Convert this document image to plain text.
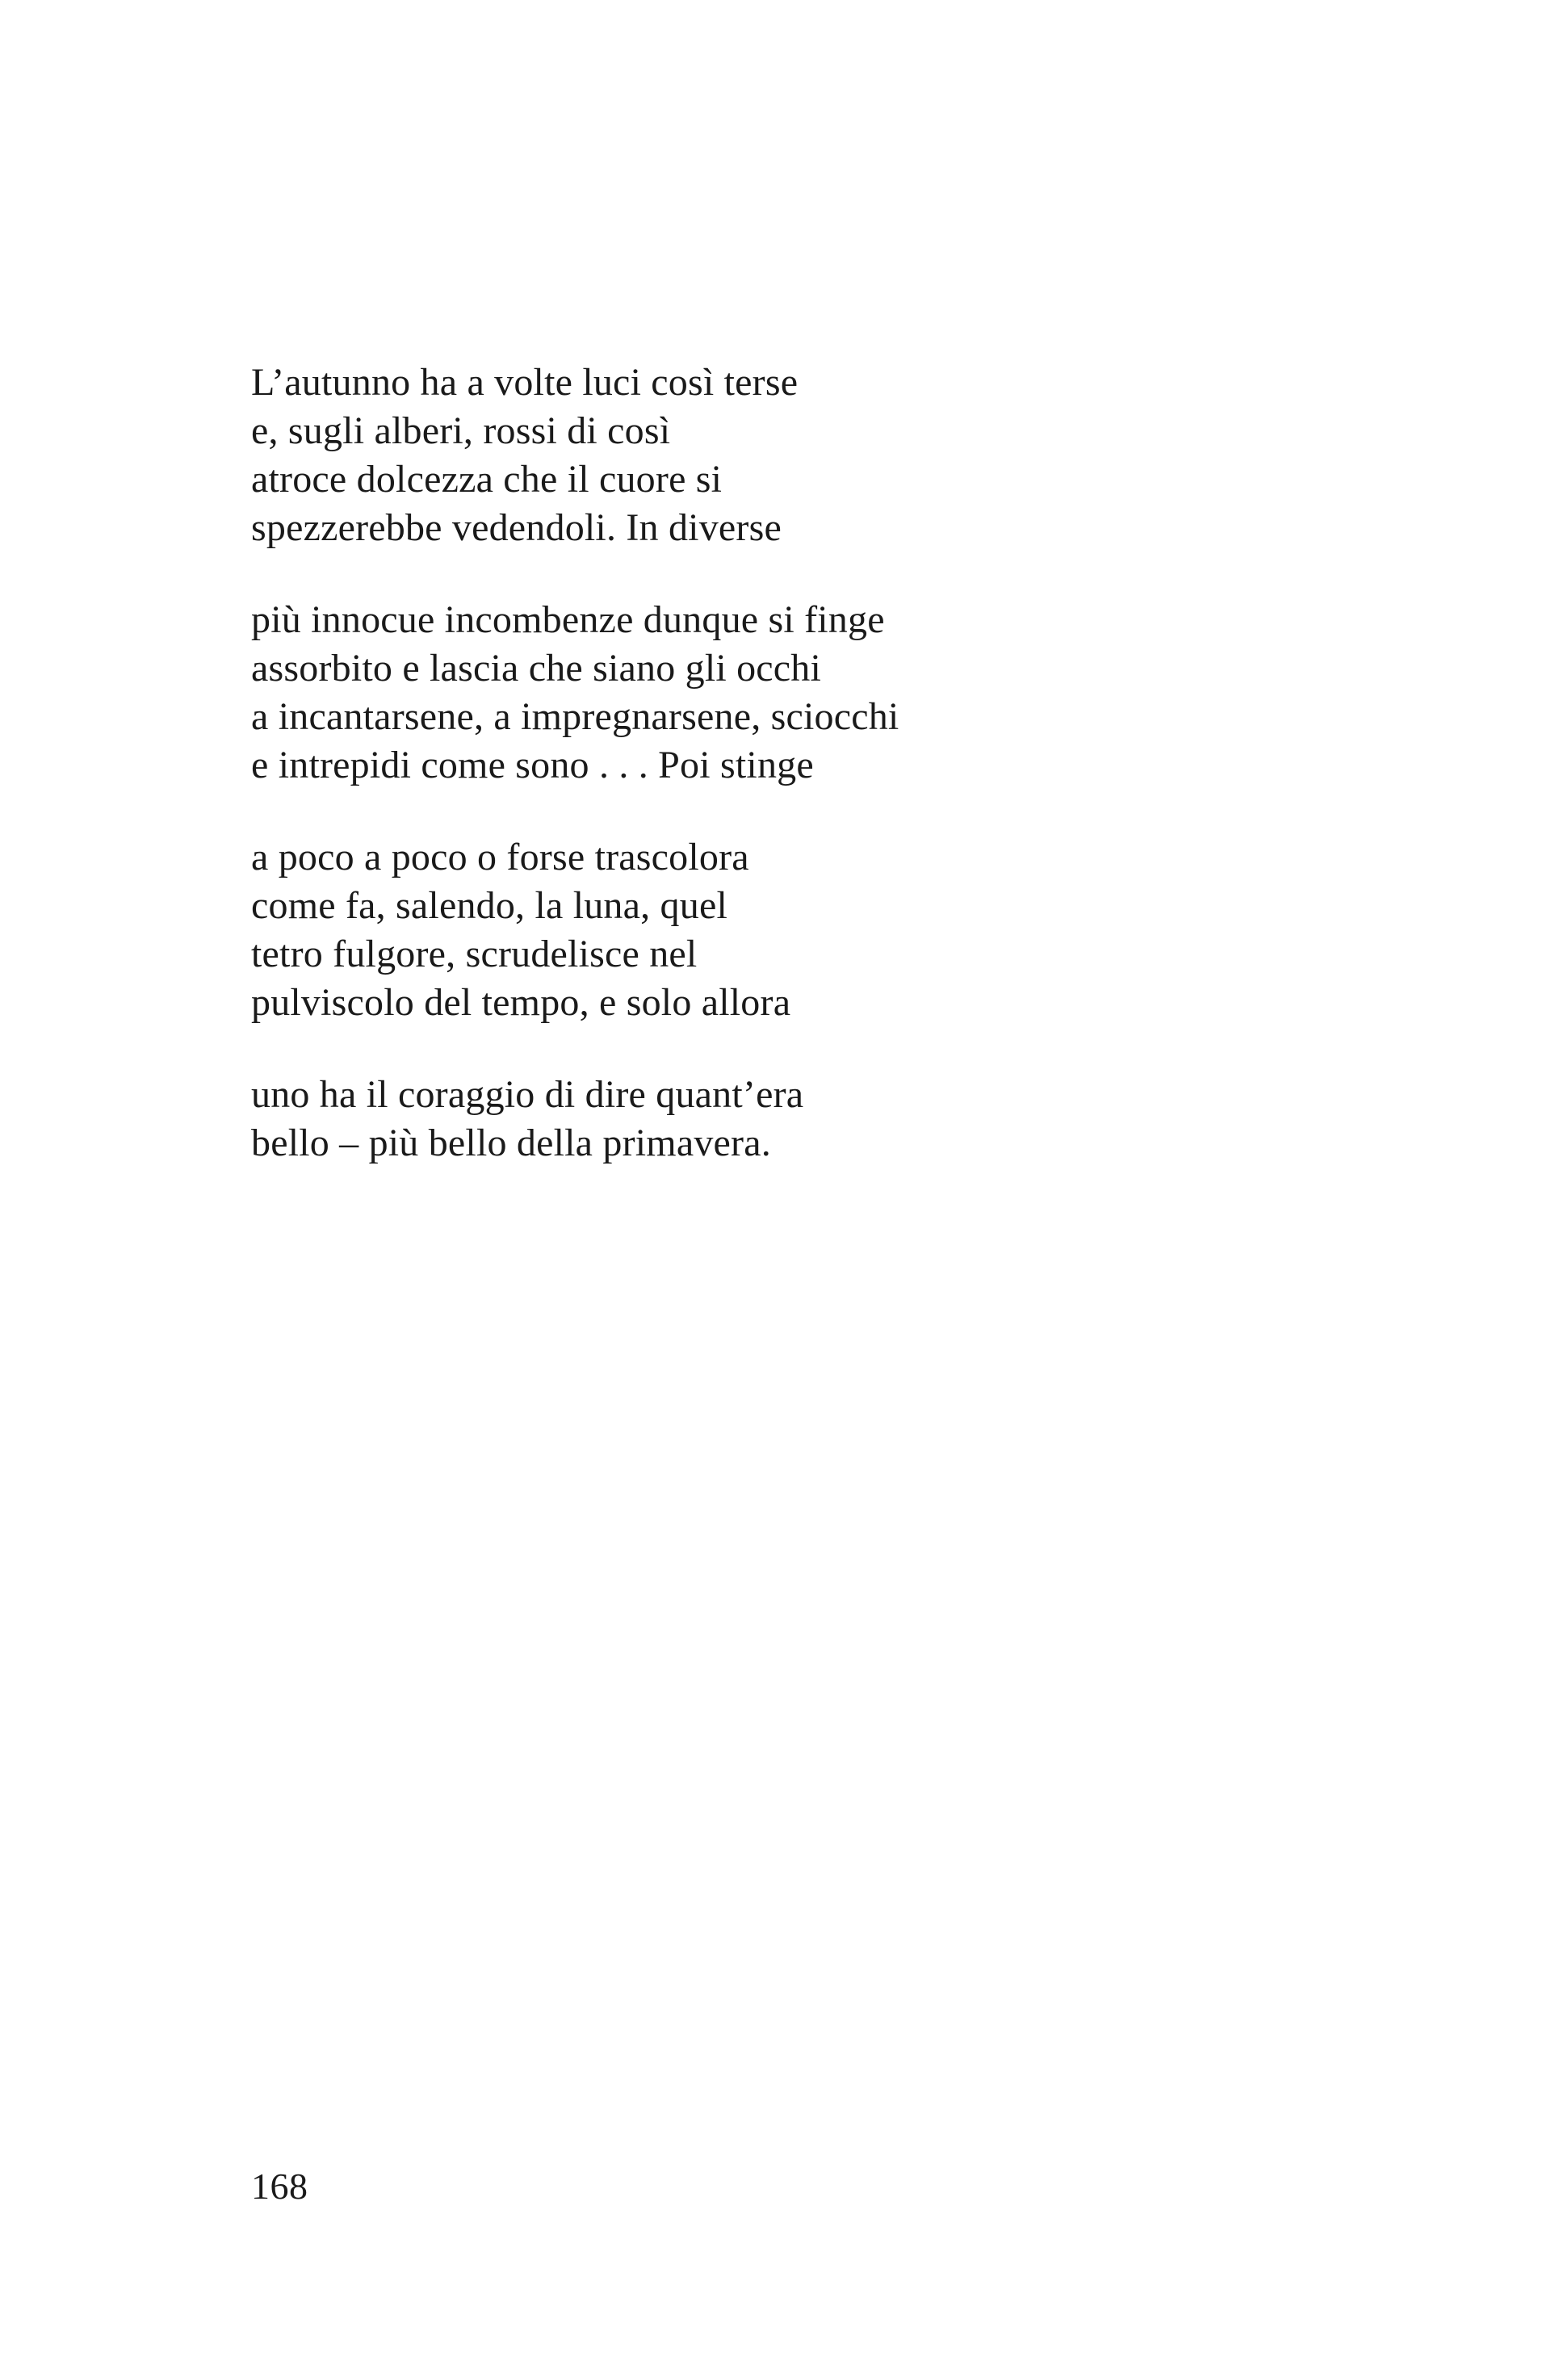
L’autunno ha a volte luci così terse
e, sugli alberi, rossi di così
atroce dolcezza che il cuore si
spezzerebbe vedendoli. In diverse
più innocue incombenze dunque si finge
assorbito e lascia che siano gli occhi
a incantarsene, a impregnarsene, sciocchi
e intrepidi come sono . . . Poi stinge
a poco a poco o forse trascolora
come fa, salendo, la luna, quel
tetro fulgore, scrudelisce nel
pulviscolo del tempo, e solo allora
uno ha il coraggio di dire quant’era
bello – più bello della primavera.
168
